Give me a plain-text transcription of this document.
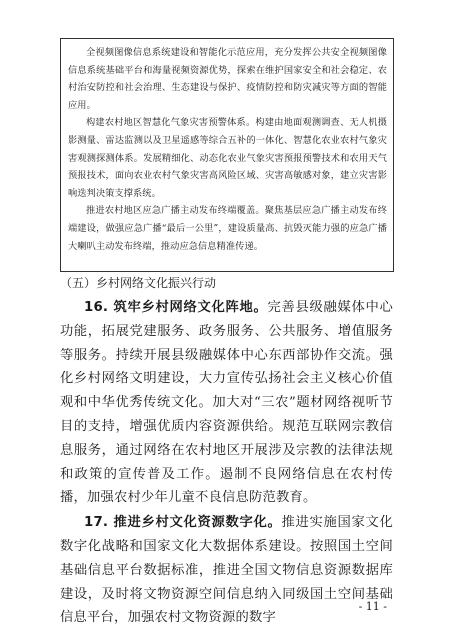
全视频图像信息系统建设和智能化示范应用，充分发挥公共安全视频图像信息系统基础平台和海量视频资源优势，探索在维护国家安全和社会稳定、农村治安防控和社会治理、生态建设与保护、疫情防控和防灾减灾等方面的智能应用。

构建农村地区智慧化气象灾害预警体系。构建由地面观测调查、无人机摄影测量、雷达监测以及卫星遥感等综合五补的一体化、智慧化农业农村气象灾害观测探测体系。发展精细化、动态化农业气象灾害预报预警技术和农用天气预报技术，面向农业农村气象灾害高风险区域、灾害高敏感对象，建立灾害影响迭判决策支撑系统。

推进农村地区应急广播主动发布终端覆盖。聚焦基层应急广播主动发布终端建设，做强应急广播“最后一公里”，建设质量高、抗毁灭能力强的应急广播大喇叭主动发布终端，推动应急信息精准传递。

（五）乡村网络文化振兴行动

16. 筑牢乡村网络文化阵地。完善县级融媒体中心功能，拓展党建服务、政务服务、公共服务、增值服务等服务。持续开展县级融媒体中心东西部协作交流。强化乡村网络文明建设，大力宣传弘扬社会主义核心价值观和中华优秀传统文化。加大对“三农”题材网络视听节目的支持，增强优质内容资源供给。规范互联网宗教信息服务，通过网络在农村地区开展涉及宗教的法律法规和政策的宣传普及工作。遏制不良网络信息在农村传播，加强农村少年儿童不良信息防范教育。

17. 推进乡村文化资源数字化。推进实施国家文化数字化战略和国家文化大数据体系建设。按照国土空间基础信息平台数据标准，推进全国文物信息资源数据库建设，及时将文物资源空间信息纳入同级国土空间基础信息平台，加强农村文物资源的数字

- 11 -
